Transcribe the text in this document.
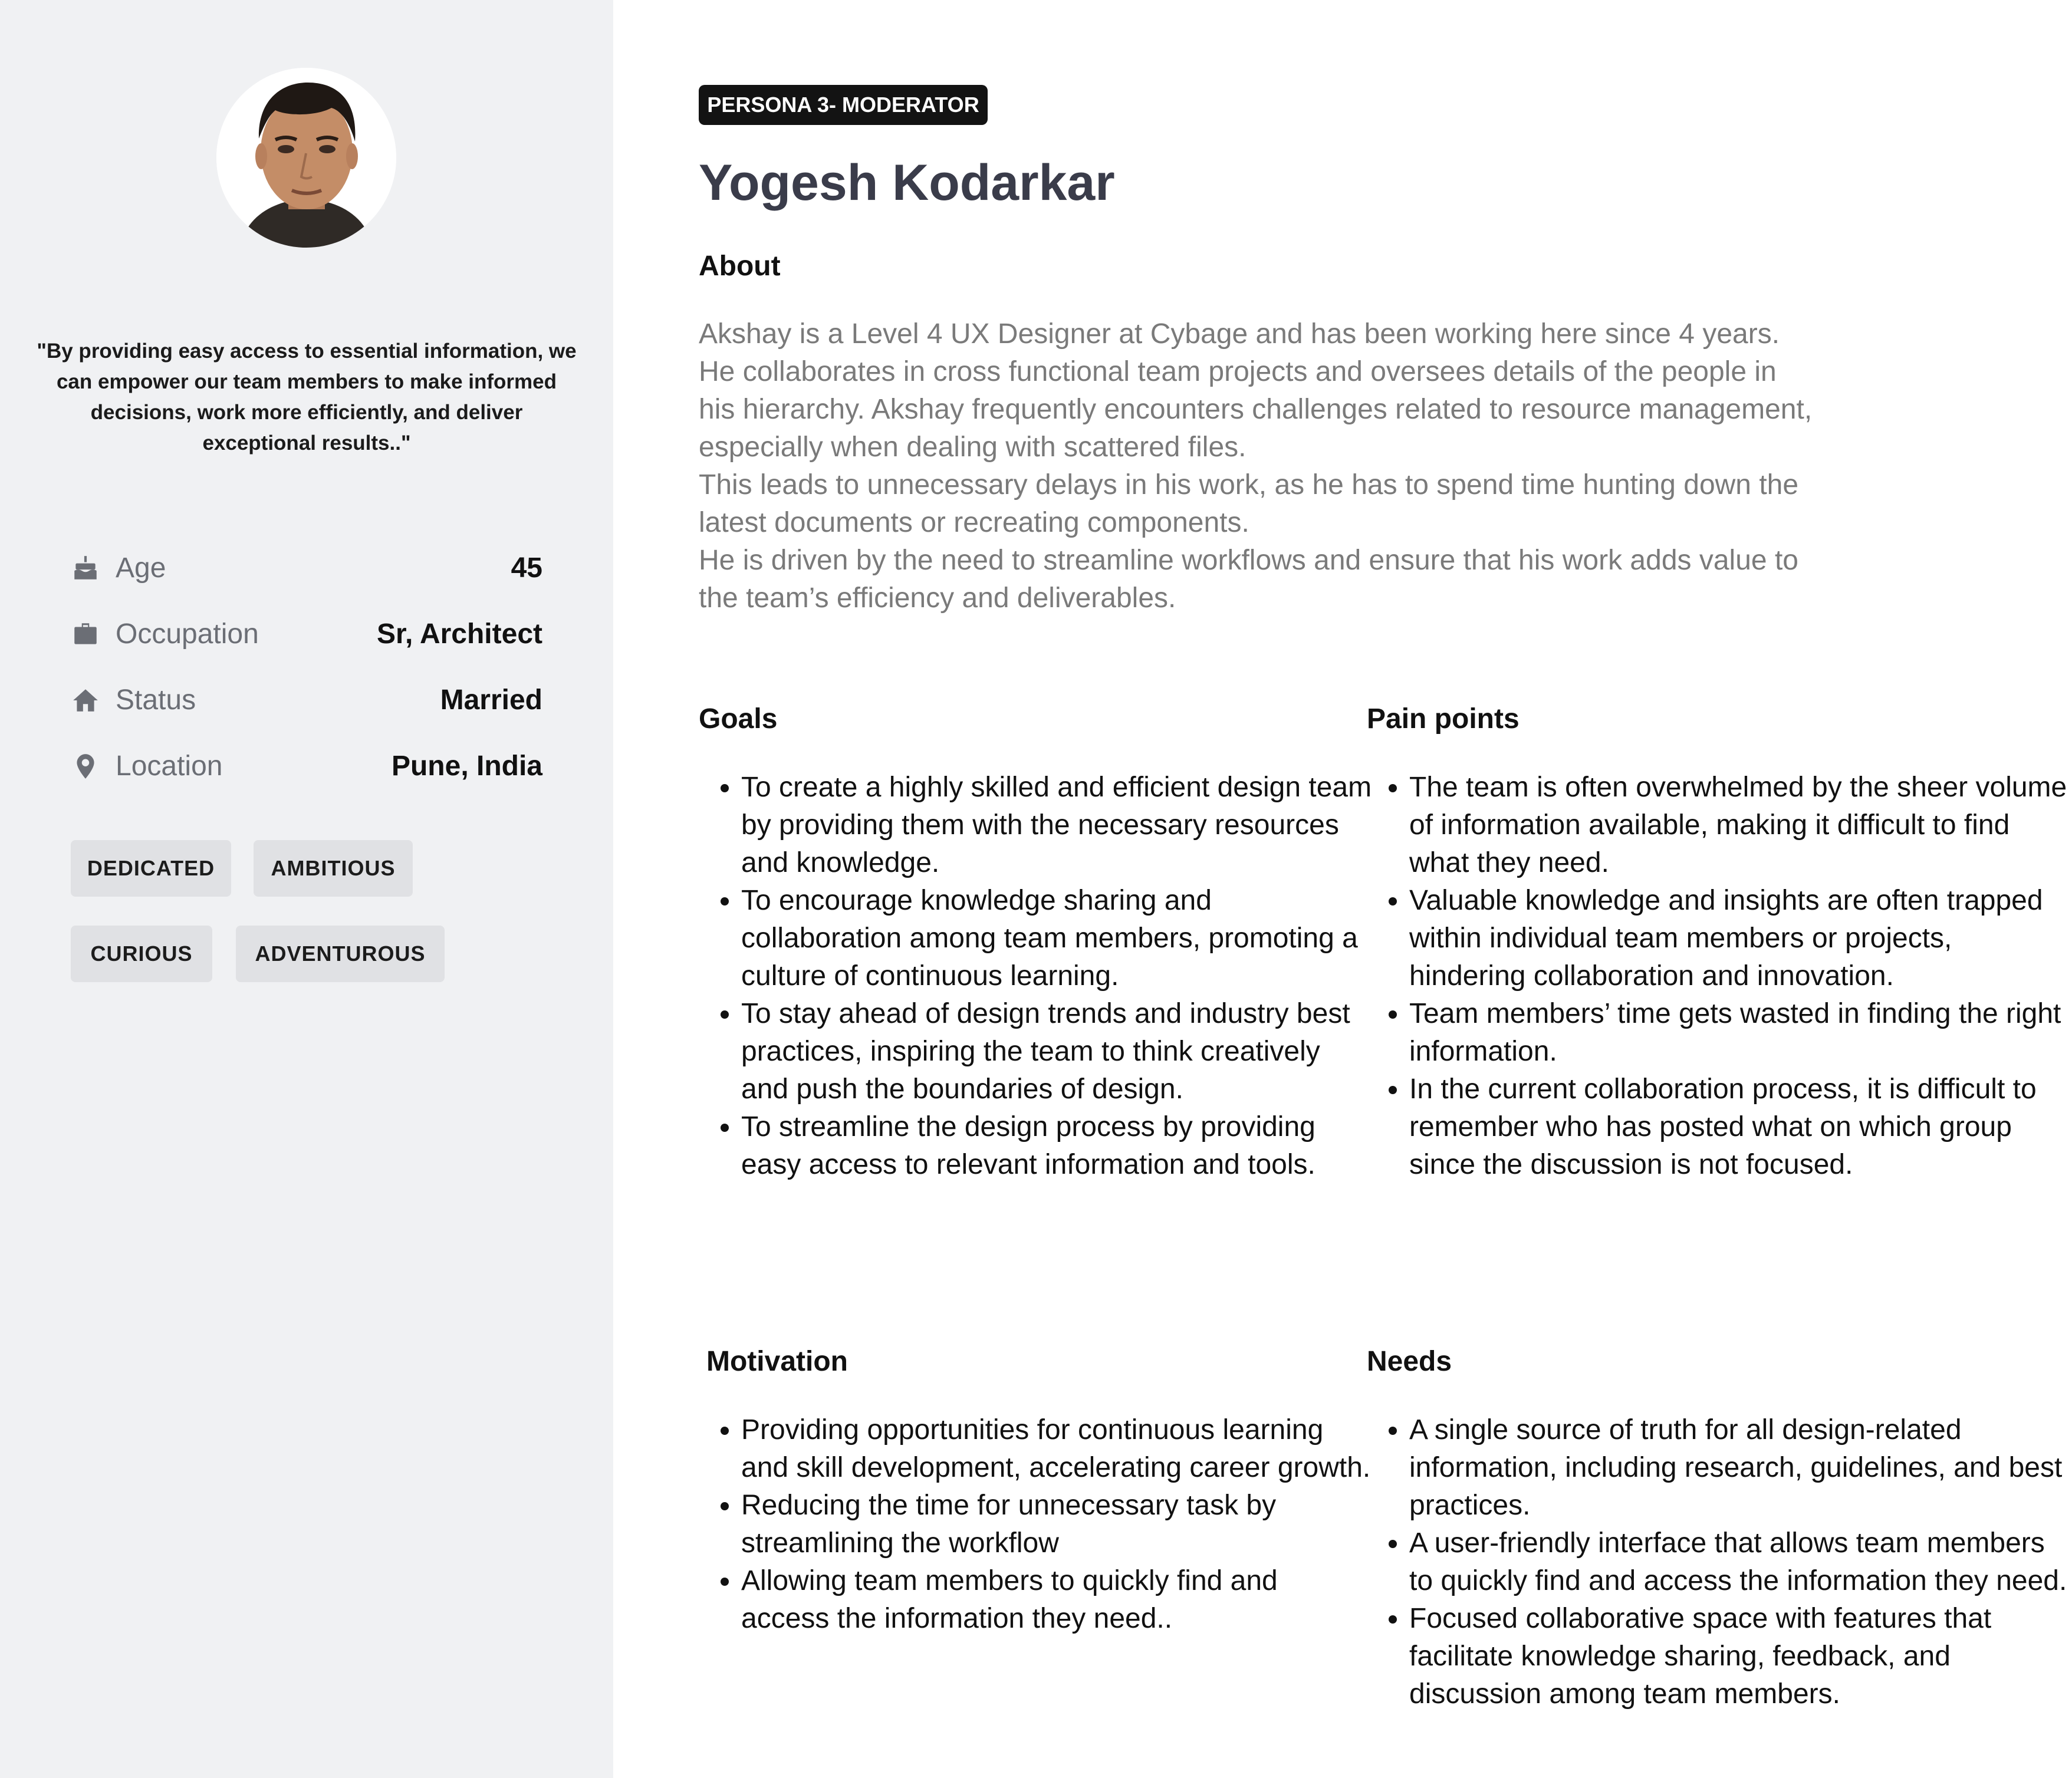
"By providing easy access to essential information, we can empower our team members to make informed decisions, work more efficiently, and deliver exceptional results.."
Age	45
Occupation	Sr, Architect
Status	Married
Location	Pune, India
DEDICATED	AMBITIOUS
CURIOUS	ADVENTUROUS
PERSONA 3- MODERATOR
Yogesh Kodarkar
About

Akshay is a Level 4 UX Designer at Cybage and has been working here since 4 years. He collaborates in cross functional team projects and oversees details of the people in his hierarchy. Akshay frequently encounters challenges related to resource management, especially when dealing with scattered files.

This leads to unnecessary delays in his work, as he has to spend time hunting down the latest documents or recreating components.

He is driven by the need to streamline workflows and ensure that his work adds value to the team’s efficiency and deliverables.

Goals
• To create a highly skilled and efficient design team by providing them with the necessary resources and knowledge.
• To encourage knowledge sharing and collaboration among team members, promoting a culture of continuous learning.
• To stay ahead of design trends and industry best practices, inspiring the team to think creatively and push the boundaries of design.
• To streamline the design process by providing easy access to relevant information and tools.
Pain points
• The team is often overwhelmed by the sheer volume of information available, making it difficult to find what they need.
• Valuable knowledge and insights are often trapped within individual team members or projects, hindering collaboration and innovation.
• Team members’ time gets wasted in finding the right information.
• In the current collaboration process, it is difficult to remember who has posted what on which group since the discussion is not focused.
Motivation
• Providing opportunities for continuous learning and skill development, accelerating career growth.
• Reducing the time for unnecessary task by streamlining the workflow
• Allowing team members to quickly find and access the information they need..
Needs
• A single source of truth for all design-related information, including research, guidelines, and best practices.
• A user-friendly interface that allows team members to quickly find and access the information they need.
• Focused collaborative space with features that facilitate knowledge sharing, feedback, and discussion among team members.
